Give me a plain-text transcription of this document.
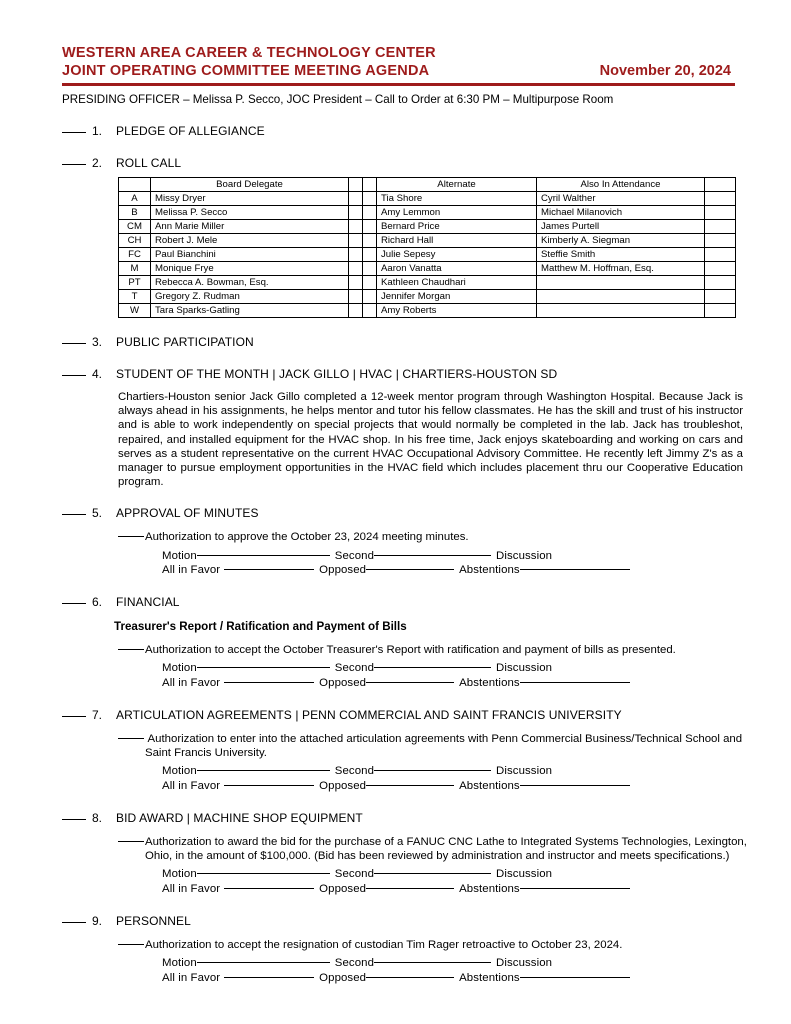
WESTERN AREA CAREER & TECHNOLOGY CENTER
JOINT OPERATING COMMITTEE MEETING AGENDA	November 20, 2024
PRESIDING OFFICER – Melissa P. Secco, JOC President – Call to Order at 6:30 PM – Multipurpose Room
1.	PLEDGE OF ALLEGIANCE
2.	ROLL CALL
	Board Delegate			Alternate	Also In Attendance	
A	Missy Dryer			Tia Shore	Cyril Walther	
B	Melissa P. Secco			Amy Lemmon	Michael Milanovich	
CM	Ann Marie Miller			Bernard Price	James Purtell	
CH	Robert J. Mele			Richard Hall	Kimberly A. Siegman	
FC	Paul Bianchini			Julie Sepesy	Steffie Smith	
M	Monique Frye			Aaron Vanatta	Matthew M. Hoffman, Esq.	
PT	Rebecca A. Bowman, Esq.			Kathleen Chaudhari		
T	Gregory Z. Rudman			Jennifer Morgan		
W	Tara Sparks-Gatling			Amy Roberts		
3.	PUBLIC PARTICIPATION
4.	STUDENT OF THE MONTH | JACK GILLO | HVAC | CHARTIERS-HOUSTON SD
Chartiers-Houston senior Jack Gillo completed a 12-week mentor program through Washington Hospital. Because Jack is always ahead in his assignments, he helps mentor and tutor his fellow classmates. He has the skill and trust of his instructor and is able to work independently on special projects that would normally be completed in the lab. Jack has troubleshot, repaired, and installed equipment for the HVAC shop. In his free time, Jack enjoys skateboarding and working on cars and serves as a student representative on the current HVAC Occupational Advisory Committee. He recently left Jimmy Z's as a manager to pursue employment opportunities in the HVAC field which includes placement thru our Cooperative Education program.
5.	APPROVAL OF MINUTES
Authorization to approve the October 23, 2024 meeting minutes.
Motion	Second	Discussion
All in Favor	Opposed	Abstentions
6.	FINANCIAL
Treasurer's Report / Ratification and Payment of Bills
Authorization to accept the October Treasurer's Report with ratification and payment of bills as presented.
Motion	Second	Discussion
All in Favor	Opposed	Abstentions
7.	ARTICULATION AGREEMENTS | PENN COMMERCIAL AND SAINT FRANCIS UNIVERSITY
Authorization to enter into the attached articulation agreements with Penn Commercial Business/Technical School and Saint Francis University.
Motion	Second	Discussion
All in Favor	Opposed	Abstentions
8.	BID AWARD | MACHINE SHOP EQUIPMENT
Authorization to award the bid for the purchase of a FANUC CNC Lathe to Integrated Systems Technologies, Lexington, Ohio, in the amount of $100,000. (Bid has been reviewed by administration and instructor and meets specifications.)
Motion	Second	Discussion
All in Favor	Opposed	Abstentions
9.	PERSONNEL
Authorization to accept the resignation of custodian Tim Rager retroactive to October 23, 2024.
Motion	Second	Discussion
All in Favor	Opposed	Abstentions
